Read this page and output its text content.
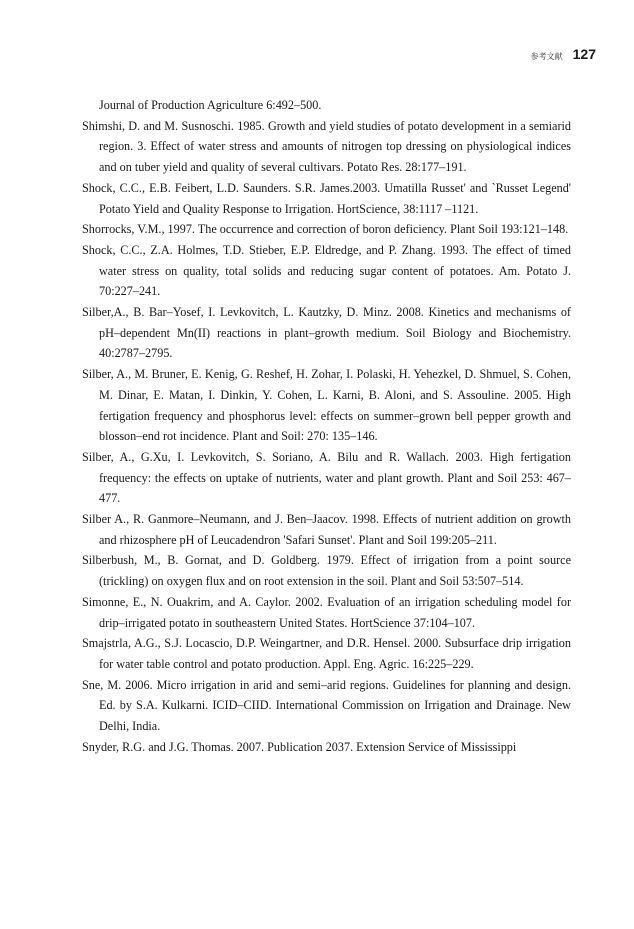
参考文献 127

Journal of Production Agriculture 6:492–500.

Shimshi, D. and M. Susnoschi. 1985. Growth and yield studies of potato development in a semiarid region. 3. Effect of water stress and amounts of nitrogen top dressing on physiological indices and on tuber yield and quality of several cultivars. Potato Res. 28:177–191.

Shock, C.C., E.B. Feibert, L.D. Saunders. S.R. James.2003. Umatilla Russet' and `Russet Legend' Potato Yield and Quality Response to Irrigation. HortScience, 38:1117 –1121.

Shorrocks, V.M., 1997. The occurrence and correction of boron deficiency. Plant Soil 193:121–148.

Shock, C.C., Z.A. Holmes, T.D. Stieber, E.P. Eldredge, and P. Zhang. 1993. The effect of timed water stress on quality, total solids and reducing sugar content of potatoes. Am. Potato J. 70:227–241.

Silber,A., B. Bar–Yosef, I. Levkovitch, L. Kautzky, D. Minz. 2008. Kinetics and mechanisms of pH–dependent Mn(II) reactions in plant–growth medium. Soil Biology and Biochemistry. 40:2787–2795.

Silber, A., M. Bruner, E. Kenig, G. Reshef, H. Zohar, I. Polaski, H. Yehezkel, D. Shmuel, S. Cohen, M. Dinar, E. Matan, I. Dinkin, Y. Cohen, L. Karni, B. Aloni, and S. Assouline. 2005. High fertigation frequency and phosphorus level: effects on summer–grown bell pepper growth and blosson–end rot incidence. Plant and Soil: 270: 135–146.

Silber, A., G.Xu, I. Levkovitch, S. Soriano, A. Bilu and R. Wallach. 2003. High fertigation frequency: the effects on uptake of nutrients, water and plant growth. Plant and Soil 253: 467–477.

Silber A., R. Ganmore–Neumann, and J. Ben–Jaacov. 1998. Effects of nutrient addition on growth and rhizosphere pH of Leucadendron 'Safari Sunset'. Plant and Soil 199:205–211.

Silberbush, M., B. Gornat, and D. Goldberg. 1979. Effect of irrigation from a point source (trickling) on oxygen flux and on root extension in the soil. Plant and Soil 53:507–514.

Simonne, E., N. Ouakrim, and A. Caylor. 2002. Evaluation of an irrigation scheduling model for drip–irrigated potato in southeastern United States. HortScience 37:104–107.

Smajstrla, A.G., S.J. Locascio, D.P. Weingartner, and D.R. Hensel. 2000. Subsurface drip irrigation for water table control and potato production. Appl. Eng. Agric. 16:225–229.

Sne, M. 2006. Micro irrigation in arid and semi–arid regions. Guidelines for planning and design. Ed. by S.A. Kulkarni. ICID–CIID. International Commission on Irrigation and Drainage. New Delhi, India.

Snyder, R.G. and J.G. Thomas. 2007. Publication 2037. Extension Service of Mississippi
